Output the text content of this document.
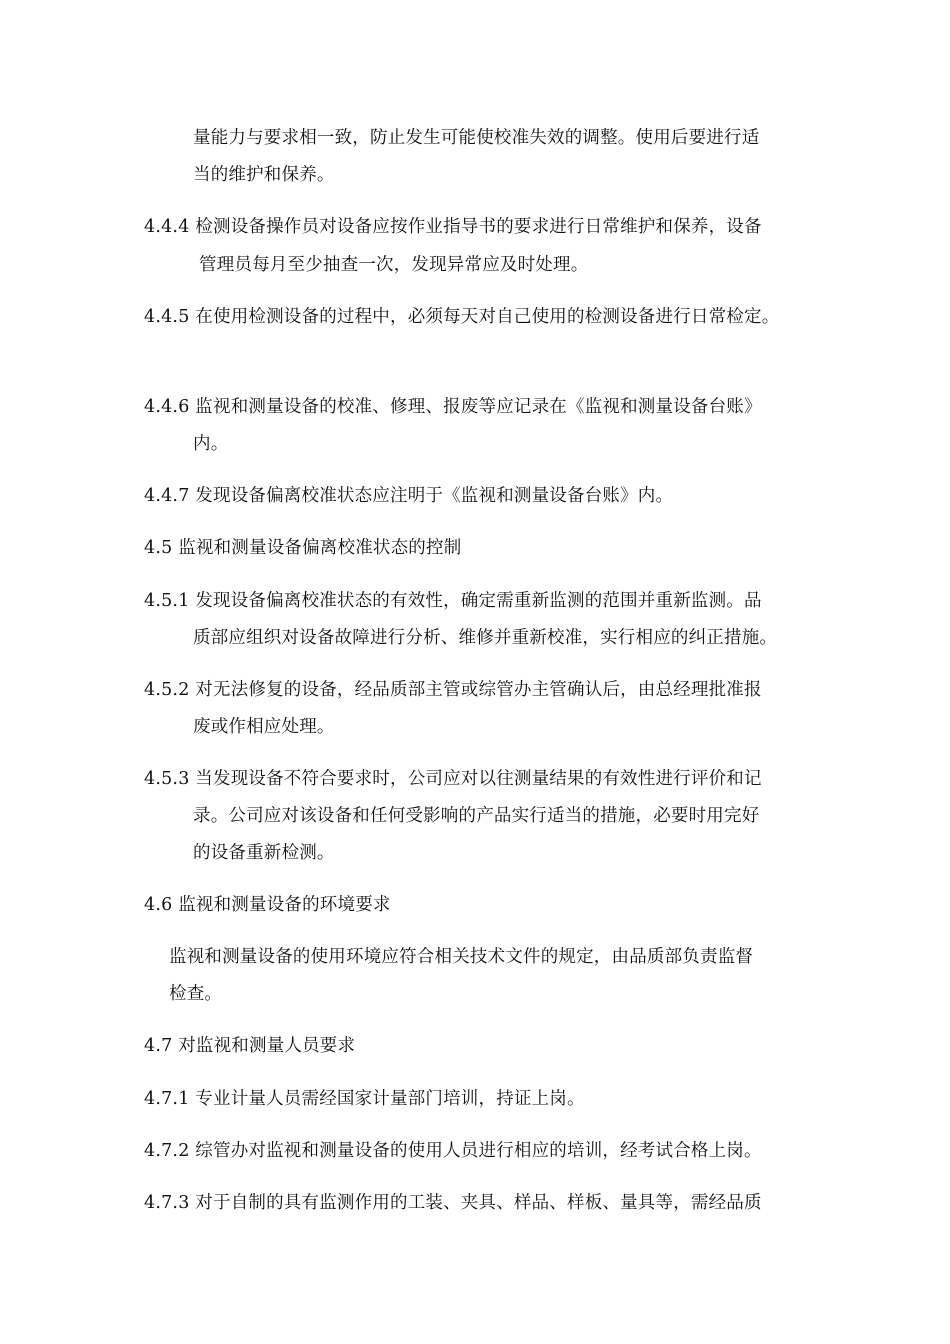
量能力与要求相一致，防止发生可能使校准失效的调整。使用后要进行适
当的维护和保养。
4.4.4 检测设备操作员对设备应按作业指导书的要求进行日常维护和保养，设备
管理员每月至少抽查一次，发现异常应及时处理。
4.4.5 在使用检测设备的过程中，必须每天对自己使用的检测设备进行日常检定。
4.4.6 监视和测量设备的校准、修理、报废等应记录在《监视和测量设备台账》
内。
4.4.7 发现设备偏离校准状态应注明于《监视和测量设备台账》内。
4.5 监视和测量设备偏离校准状态的控制
4.5.1 发现设备偏离校准状态的有效性，确定需重新监测的范围并重新监测。品
质部应组织对设备故障进行分析、维修并重新校准，实行相应的纠正措施。
4.5.2 对无法修复的设备，经品质部主管或综管办主管确认后，由总经理批准报
废或作相应处理。
4.5.3 当发现设备不符合要求时，公司应对以往测量结果的有效性进行评价和记
录。公司应对该设备和任何受影响的产品实行适当的措施，必要时用完好
的设备重新检测。
4.6 监视和测量设备的环境要求
监视和测量设备的使用环境应符合相关技术文件的规定，由品质部负责监督
检查。
4.7 对监视和测量人员要求
4.7.1 专业计量人员需经国家计量部门培训，持证上岗。
4.7.2 综管办对监视和测量设备的使用人员进行相应的培训，经考试合格上岗。
4.7.3 对于自制的具有监测作用的工装、夹具、样品、样板、量具等，需经品质
